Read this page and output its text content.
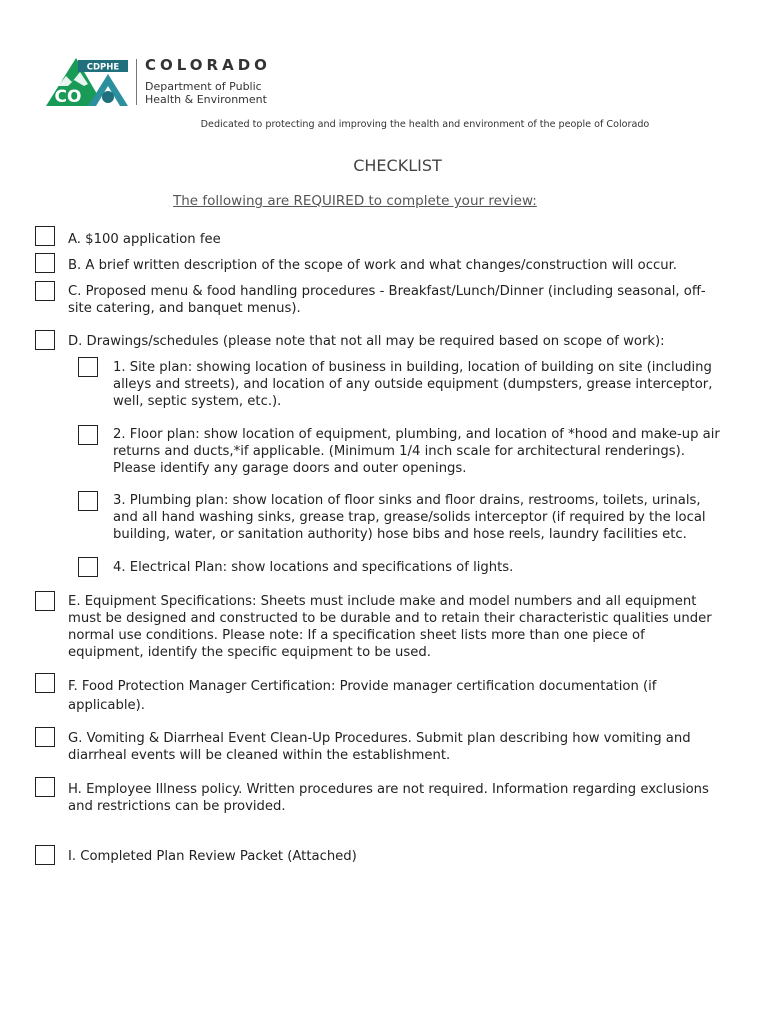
CDPHE
CO
COLORADO
Department of Public
Health & Environment
Dedicated to protecting and improving the health and environment of the people of Colorado
CHECKLIST
The following are REQUIRED to complete your review:
A. $100 application fee
B. A brief written description of the scope of work and what changes/construction will occur.
C. Proposed menu & food handling procedures - Breakfast/Lunch/Dinner (including seasonal, off-site catering, and banquet menus).
D. Drawings/schedules (please note that not all may be required based on scope of work):
1. Site plan: showing location of business in building, location of building on site (including alleys and streets), and location of any outside equipment (dumpsters, grease interceptor, well, septic system, etc.).
2. Floor plan: show location of equipment, plumbing, and location of *hood and make-up air returns and ducts,*if applicable. (Minimum 1/4 inch scale for architectural renderings). Please identify any garage doors and outer openings.
3. Plumbing plan: show location of floor sinks and floor drains, restrooms, toilets, urinals, and all hand washing sinks, grease trap, grease/solids interceptor (if required by the local building, water, or sanitation authority) hose bibs and hose reels, laundry facilities etc.
4. Electrical Plan: show locations and specifications of lights.
E. Equipment Specifications: Sheets must include make and model numbers and all equipment must be designed and constructed to be durable and to retain their characteristic qualities under normal use conditions. Please note: If a specification sheet lists more than one piece of equipment, identify the specific equipment to be used.
F. Food Protection Manager Certification: Provide manager certification documentation (if applicable).
G. Vomiting & Diarrheal Event Clean-Up Procedures. Submit plan describing how vomiting and diarrheal events will be cleaned within the establishment.
H. Employee Illness policy. Written procedures are not required. Information regarding exclusions and restrictions can be provided.
I. Completed Plan Review Packet (Attached)
